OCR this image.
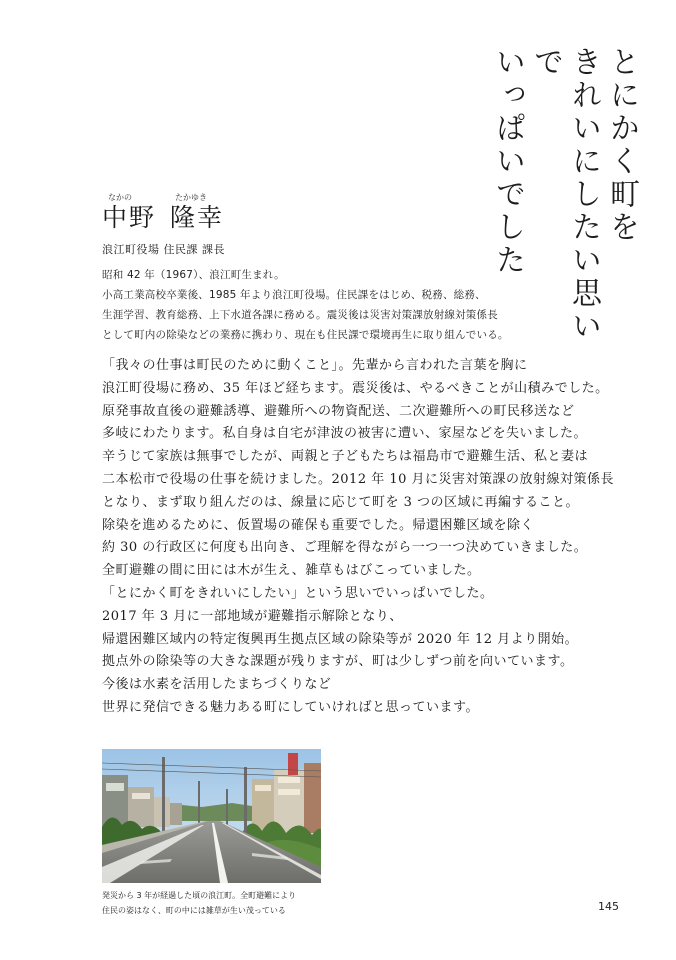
とにかく町を
きれいにしたい思いで
いっぱいでした
なかの	たかゆき
中野 隆幸
浪江町役場 住民課 課長
昭和 42 年（1967）、浪江町生まれ。
小高工業高校卒業後、1985 年より浪江町役場。住民課をはじめ、税務、総務、
生涯学習、教育総務、上下水道各課に務める。震災後は災害対策課放射線対策係長
として町内の除染などの業務に携わり、現在も住民課で環境再生に取り組んでいる。
「我々の仕事は町民のために動くこと」。先輩から言われた言葉を胸に
浪江町役場に務め、35 年ほど経ちます。震災後は、やるべきことが山積みでした。
原発事故直後の避難誘導、避難所への物資配送、二次避難所への町民移送など
多岐にわたります。私自身は自宅が津波の被害に遭い、家屋などを失いました。
辛うじて家族は無事でしたが、両親と子どもたちは福島市で避難生活、私と妻は
二本松市で役場の仕事を続けました。2012 年 10 月に災害対策課の放射線対策係長
となり、まず取り組んだのは、線量に応じて町を 3 つの区域に再編すること。
除染を進めるために、仮置場の確保も重要でした。帰還困難区域を除く
約 30 の行政区に何度も出向き、ご理解を得ながら一つ一つ決めていきました。
全町避難の間に田には木が生え、雑草もはびこっていました。
「とにかく町をきれいにしたい」という思いでいっぱいでした。
2017 年 3 月に一部地域が避難指示解除となり、
帰還困難区域内の特定復興再生拠点区域の除染等が 2020 年 12 月より開始。
拠点外の除染等の大きな課題が残りますが、町は少しずつ前を向いています。
今後は水素を活用したまちづくりなど
世界に発信できる魅力ある町にしていければと思っています。
発災から 3 年が経過した頃の浪江町。全町避難により
住民の姿はなく、町の中には雑草が生い茂っている	145
